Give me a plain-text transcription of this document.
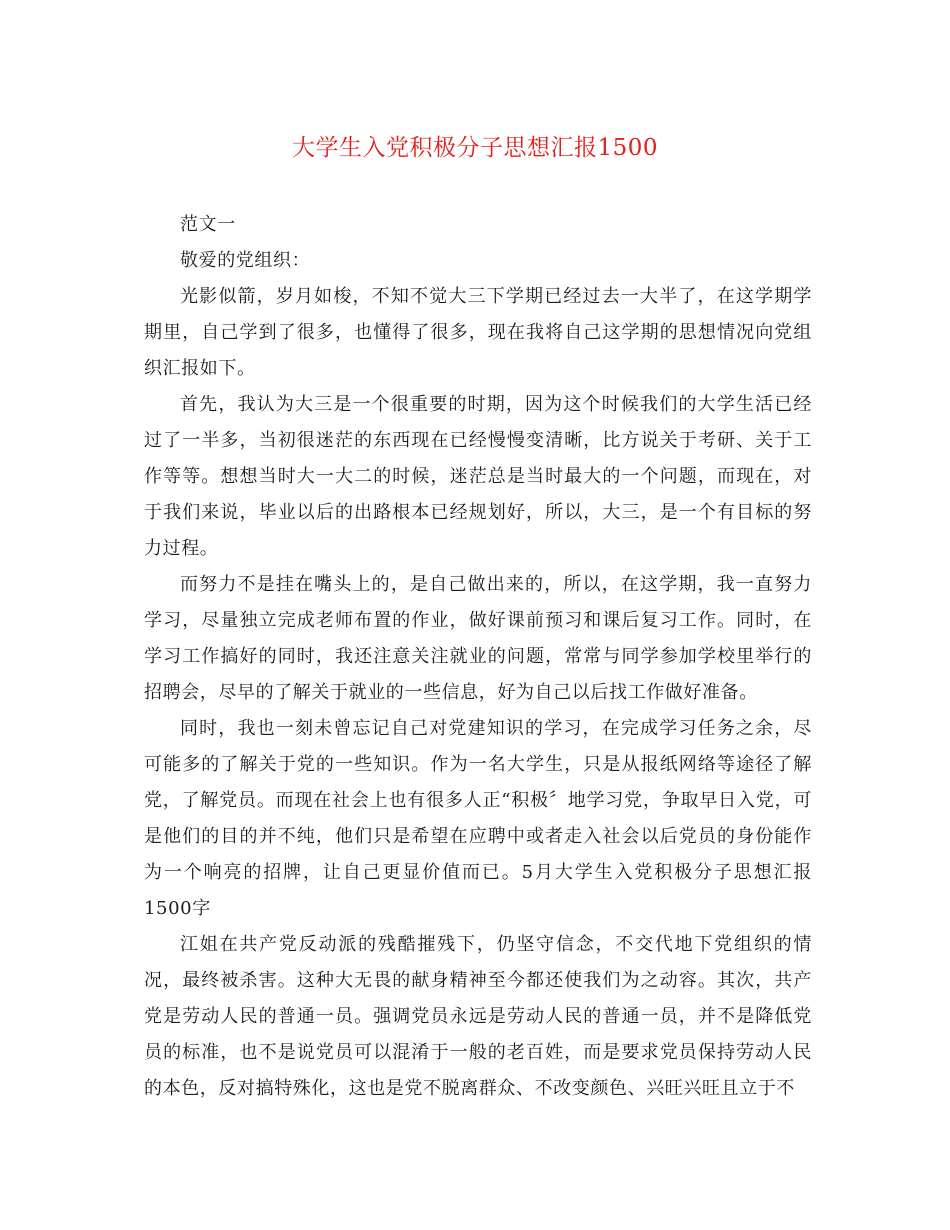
大学生入党积极分子思想汇报1500

范文一

敬爱的党组织：

光影似箭，岁月如梭，不知不觉大三下学期已经过去一大半了，在这学期学期里，自己学到了很多，也懂得了很多，现在我将自己这学期的思想情况向党组织汇报如下。

首先，我认为大三是一个很重要的时期，因为这个时候我们的大学生活已经过了一半多，当初很迷茫的东西现在已经慢慢变清晰，比方说关于考研、关于工作等等。想想当时大一大二的时候，迷茫总是当时最大的一个问题，而现在，对于我们来说，毕业以后的出路根本已经规划好，所以，大三，是一个有目标的努力过程。

而努力不是挂在嘴头上的，是自己做出来的，所以，在这学期，我一直努力学习，尽量独立完成老师布置的作业，做好课前预习和课后复习工作。同时，在学习工作搞好的同时，我还注意关注就业的问题，常常与同学参加学校里举行的招聘会，尽早的了解关于就业的一些信息，好为自己以后找工作做好准备。

同时，我也一刻未曾忘记自己对党建知识的学习，在完成学习任务之余，尽可能多的了解关于党的一些知识。作为一名大学生，只是从报纸网络等途径了解党，了解党员。而现在社会上也有很多人正“积极〞地学习党，争取早日入党，可是他们的目的并不纯，他们只是希望在应聘中或者走入社会以后党员的身份能作为一个响亮的招牌，让自己更显价值而已。5月大学生入党积极分子思想汇报1500字

江姐在共产党反动派的残酷摧残下，仍坚守信念，不交代地下党组织的情况，最终被杀害。这种大无畏的献身精神至今都还使我们为之动容。其次，共产党是劳动人民的普通一员。强调党员永远是劳动人民的普通一员，并不是降低党员的标准，也不是说党员可以混淆于一般的老百姓，而是要求党员保持劳动人民的本色，反对搞特殊化，这也是党不脱离群众、不改变颜色、兴旺兴旺且立于不
